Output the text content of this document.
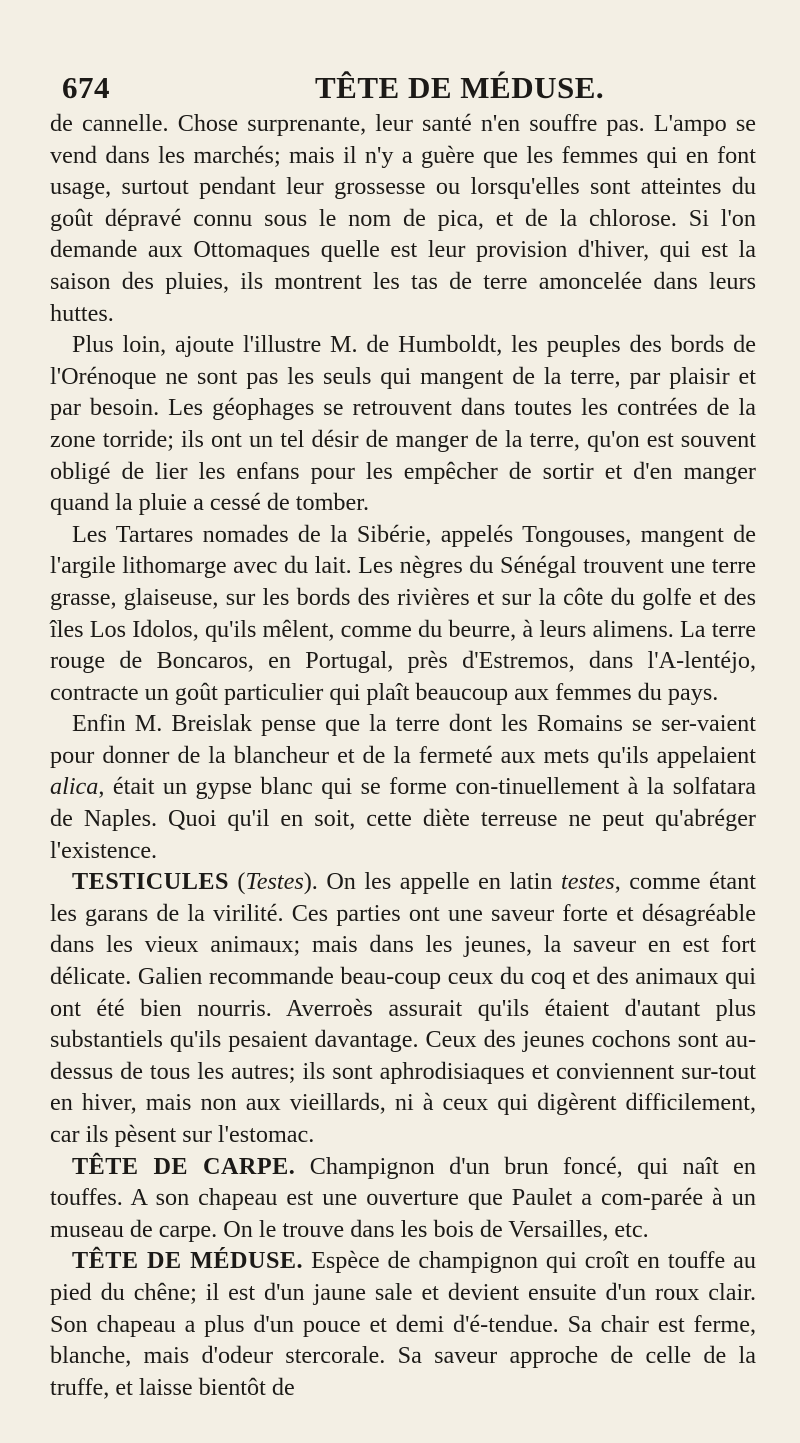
674	TÊTE DE MÉDUSE.

de cannelle. Chose surprenante, leur santé n'en souffre pas. L'ampo se vend dans les marchés; mais il n'y a guère que les femmes qui en font usage, surtout pendant leur grossesse ou lorsqu'elles sont atteintes du goût dépravé connu sous le nom de pica, et de la chlorose. Si l'on demande aux Ottomaques quelle est leur provision d'hiver, qui est la saison des pluies, ils montrent les tas de terre amoncelée dans leurs huttes.

Plus loin, ajoute l'illustre M. de Humboldt, les peuples des bords de l'Orénoque ne sont pas les seuls qui mangent de la terre, par plaisir et par besoin. Les géophages se retrouvent dans toutes les contrées de la zone torride; ils ont un tel désir de manger de la terre, qu'on est souvent obligé de lier les enfans pour les empêcher de sortir et d'en manger quand la pluie a cessé de tomber.

Les Tartares nomades de la Sibérie, appelés Tongouses, mangent de l'argile lithomarge avec du lait. Les nègres du Sénégal trouvent une terre grasse, glaiseuse, sur les bords des rivières et sur la côte du golfe et des îles Los Idolos, qu'ils mêlent, comme du beurre, à leurs alimens. La terre rouge de Boncaros, en Portugal, près d'Estremos, dans l'A-lentéjo, contracte un goût particulier qui plaît beaucoup aux femmes du pays.

Enfin M. Breislak pense que la terre dont les Romains se ser-vaient pour donner de la blancheur et de la fermeté aux mets qu'ils appelaient alica, était un gypse blanc qui se forme con-tinuellement à la solfatara de Naples. Quoi qu'il en soit, cette diète terreuse ne peut qu'abréger l'existence.

TESTICULES (Testes). On les appelle en latin testes, comme étant les garans de la virilité. Ces parties ont une saveur forte et désagréable dans les vieux animaux; mais dans les jeunes, la saveur en est fort délicate. Galien recommande beau-coup ceux du coq et des animaux qui ont été bien nourris. Averroès assurait qu'ils étaient d'autant plus substantiels qu'ils pesaient davantage. Ceux des jeunes cochons sont au-dessus de tous les autres; ils sont aphrodisiaques et conviennent sur-tout en hiver, mais non aux vieillards, ni à ceux qui digèrent difficilement, car ils pèsent sur l'estomac.

TÊTE DE CARPE. Champignon d'un brun foncé, qui naît en touffes. A son chapeau est une ouverture que Paulet a com-parée à un museau de carpe. On le trouve dans les bois de Versailles, etc.

TÊTE DE MÉDUSE. Espèce de champignon qui croît en touffe au pied du chêne; il est d'un jaune sale et devient ensuite d'un roux clair. Son chapeau a plus d'un pouce et demi d'é-tendue. Sa chair est ferme, blanche, mais d'odeur stercorale. Sa saveur approche de celle de la truffe, et laisse bientôt de
